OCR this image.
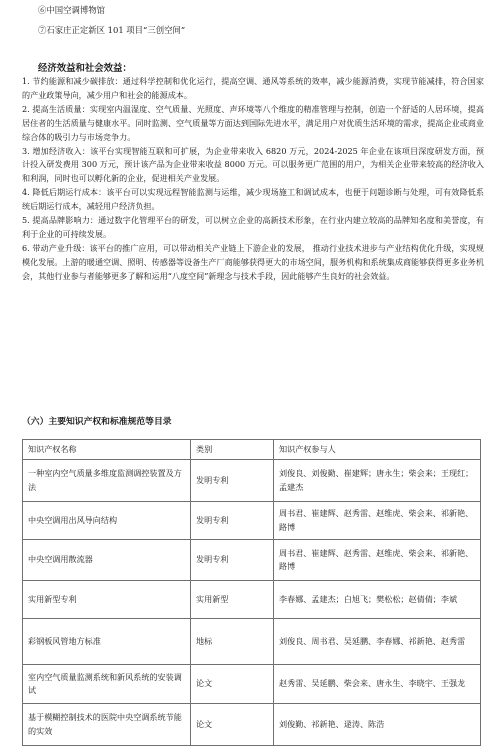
⑥中国空调博物馆
⑦石家庄正定新区 101 项目“三创空间”
经济效益和社会效益：

1. 节约能源和减少碳排放：通过科学控制和优化运行，提高空调、通风等系统的效率，减少能源消费，实现节能减排，符合国家的产业政策导向，减少用户和社会的能源成本。

2. 提高生活质量：实现室内温湿度、空气质量、光照度、声环境等八个维度的精准管理与控制，创造一个舒适的人居环境，提高居住者的生活质量与健康水平。同时监测、空气质量等方面达到国际先进水平，满足用户对优质生活环境的需求，提高企业或商业综合体的吸引力与市场竞争力。

3. 增加经济收入：该平台实现智能互联和可扩展，为企业带来收入 6820 万元，2024-2025 年企业在该项目深度研发方面，预计投入研发费用 300 万元，预计该产品为企业带来收益 8000 万元。可以服务更广范围的用户，为相关企业带来较高的经济收入和利润，同时也可以孵化新的企业，促进相关产业发展。

4. 降低后期运行成本：该平台可以实现远程智能监测与运维，减少现场施工和调试成本，也便于问题诊断与处理，可有效降低系统后期运行成本，减轻用户经济负担。

5. 提高品牌影响力：通过数字化管理平台的研发，可以树立企业的高新技术形象，在行业内建立较高的品牌知名度和美誉度，有利于企业的可持续发展。

6. 带动产业升级：该平台的推广应用，可以带动相关产业链上下游企业的发展， 推动行业技术进步与产业结构优化升级，实现规模化发展。上游的暖通空调、照明、传感器等设备生产厂商能够获得更大的市场空间，服务机构和系统集成商能够获得更多业务机会，其他行业参与者能够更多了解和运用“八度空间”新理念与技术手段，因此能够产生良好的社会效益。

（六）主要知识产权和标准规范等目录
知识产权名称	类别	知识产权参与人
一种室内空气质量多维度监测调控装置及方法	发明专利	刘俊良、刘俊勤、崔建辉；唐永生；柴会来；王现红；孟建杰
中央空调用出风导向结构	发明专利	周书君、崔建辉、赵秀雷、赵维虎、柴会来、祁新艳、路博
中央空调用散流器	发明专利	周书君、崔建辉、赵秀雷、赵维虎、柴会来、祁新艳、路博
实用新型专利	实用新型	李春娜、孟建杰；白旭飞；樊松松；赵倩倩；李斌
彩钢板风管地方标准	地标	刘俊良、周书君、吴延鹏、李春娜、祁新艳、赵秀雷
室内空气质量监测系统和新风系统的安装调试	论文	赵秀雷、吴延鹏、柴会来、唐永生、李晓宇、王强龙
基于模糊控制技术的医院中央空调系统节能的实效	论文	刘俊勤、祁新艳、逯涛、陈浩
